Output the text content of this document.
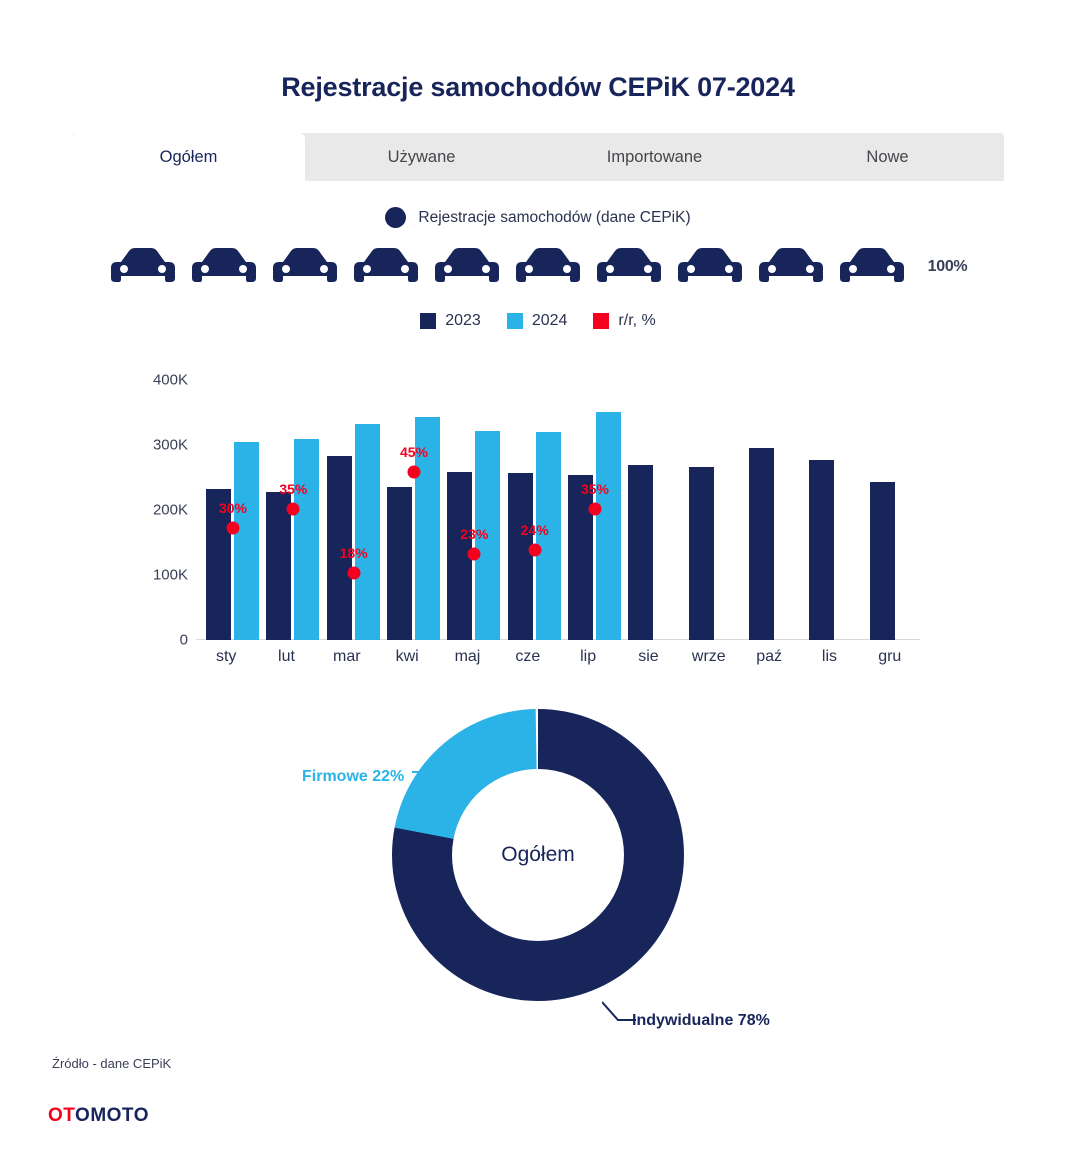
Rejestracje samochodów CEPiK 07-2024
Ogółem	Używane	Importowane	Nowe
Rejestracje samochodów (dane CEPiK)
100%
2023	2024	r/r, %
0
100K
200K
300K
400K
30%
35%
18%
45%
23% 24%
35%
sty	lut	mar	kwi	maj	cze	lip	sie	wrze	paź	lis	gru
Ogółem
Firmowe 22%
Indywidualne 78%
Źródło - dane CEPiK
OTOMOTO
